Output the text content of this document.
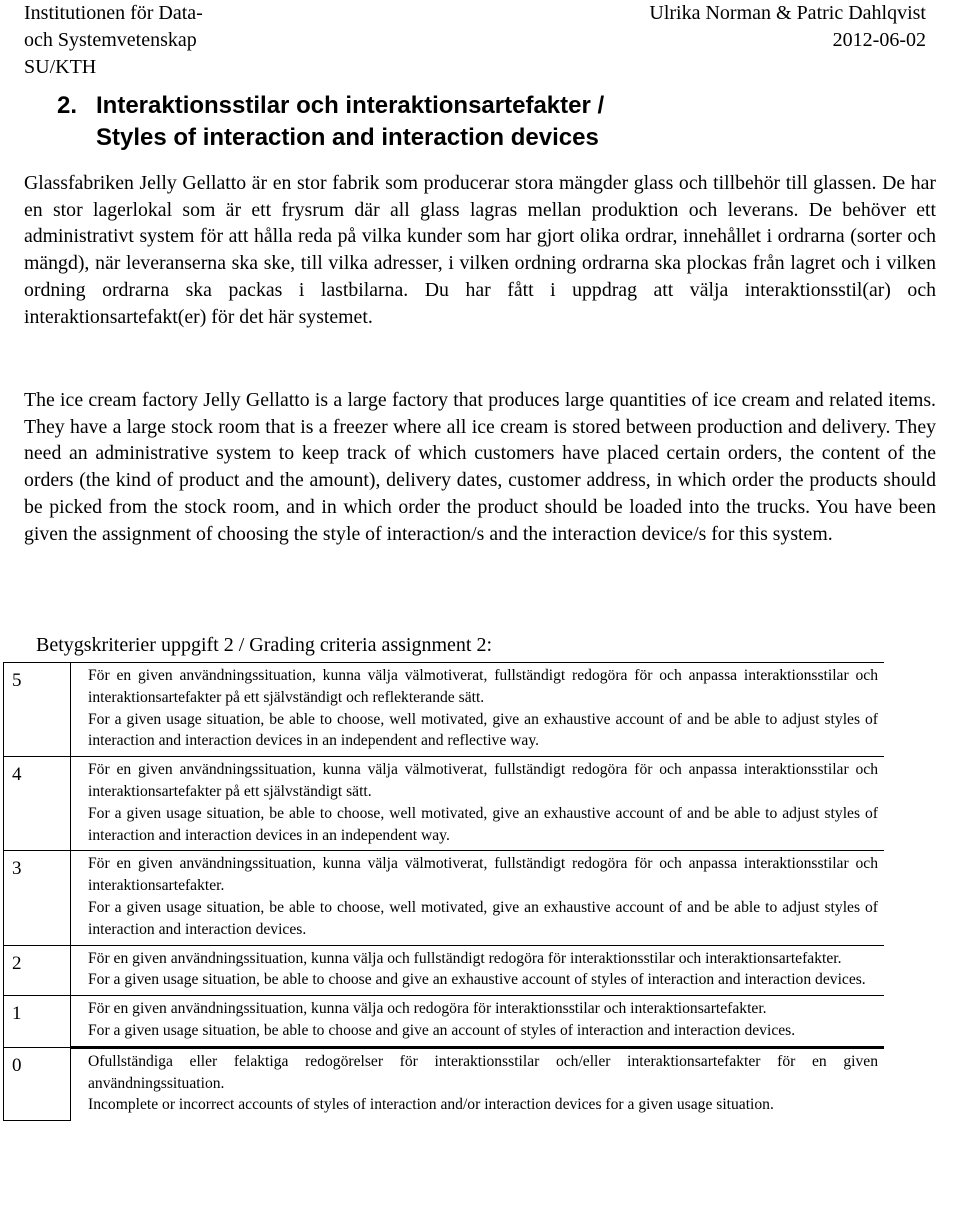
Institutionen för Data-
och Systemvetenskap
SU/KTH
Ulrika Norman & Patric Dahlqvist
2012-06-02
2. Interaktionsstilar och interaktionsartefakter /
Styles of interaction and interaction devices

Glassfabriken Jelly Gellatto är en stor fabrik som producerar stora mängder glass och tillbehör till glassen. De har en stor lagerlokal som är ett frysrum där all glass lagras mellan produktion och leverans. De behöver ett administrativt system för att hålla reda på vilka kunder som har gjort olika ordrar, innehållet i ordrarna (sorter och mängd), när leveranserna ska ske, till vilka adresser, i vilken ordning ordrarna ska plockas från lagret och i vilken ordning ordrarna ska packas i lastbilarna. Du har fått i uppdrag att välja interaktionsstil(ar) och interaktionsartefakt(er) för det här systemet.

The ice cream factory Jelly Gellatto is a large factory that produces large quantities of ice cream and related items. They have a large stock room that is a freezer where all ice cream is stored between production and delivery. They need an administrative system to keep track of which customers have placed certain orders, the content of the orders (the kind of product and the amount), delivery dates, customer address, in which order the products should be picked from the stock room, and in which order the product should be loaded into the trucks. You have been given the assignment of choosing the style of interaction/s and the interaction device/s for this system.

Betygskriterier uppgift 2 / Grading criteria assignment 2:
5	För en given användningssituation, kunna välja välmotiverat, fullständigt redogöra för och anpassa interaktionsstilar och interaktionsartefakter på ett självständigt och reflekterande sätt.
For a given usage situation, be able to choose, well motivated, give an exhaustive account of and be able to adjust styles of interaction and interaction devices in an independent and reflective way.

4	För en given användningssituation, kunna välja välmotiverat, fullständigt redogöra för och anpassa interaktionsstilar och interaktionsartefakter på ett självständigt sätt.
For a given usage situation, be able to choose, well motivated, give an exhaustive account of and be able to adjust styles of interaction and interaction devices in an independent way.

3	För en given användningssituation, kunna välja välmotiverat, fullständigt redogöra för och anpassa interaktionsstilar och interaktionsartefakter.
For a given usage situation, be able to choose, well motivated, give an exhaustive account of and be able to adjust styles of interaction and interaction devices.

2	För en given användningssituation, kunna välja och fullständigt redogöra för interaktionsstilar och interaktionsartefakter.
For a given usage situation, be able to choose and give an exhaustive account of styles of interaction and interaction devices.

1	För en given användningssituation, kunna välja och redogöra för interaktionsstilar och interaktionsartefakter.
For a given usage situation, be able to choose and give an account of styles of interaction and interaction devices.

0	Ofullständiga eller felaktiga redogörelser för interaktionsstilar och/eller interaktionsartefakter för en given användningssituation.
Incomplete or incorrect accounts of styles of interaction and/or interaction devices for a given usage situation.
